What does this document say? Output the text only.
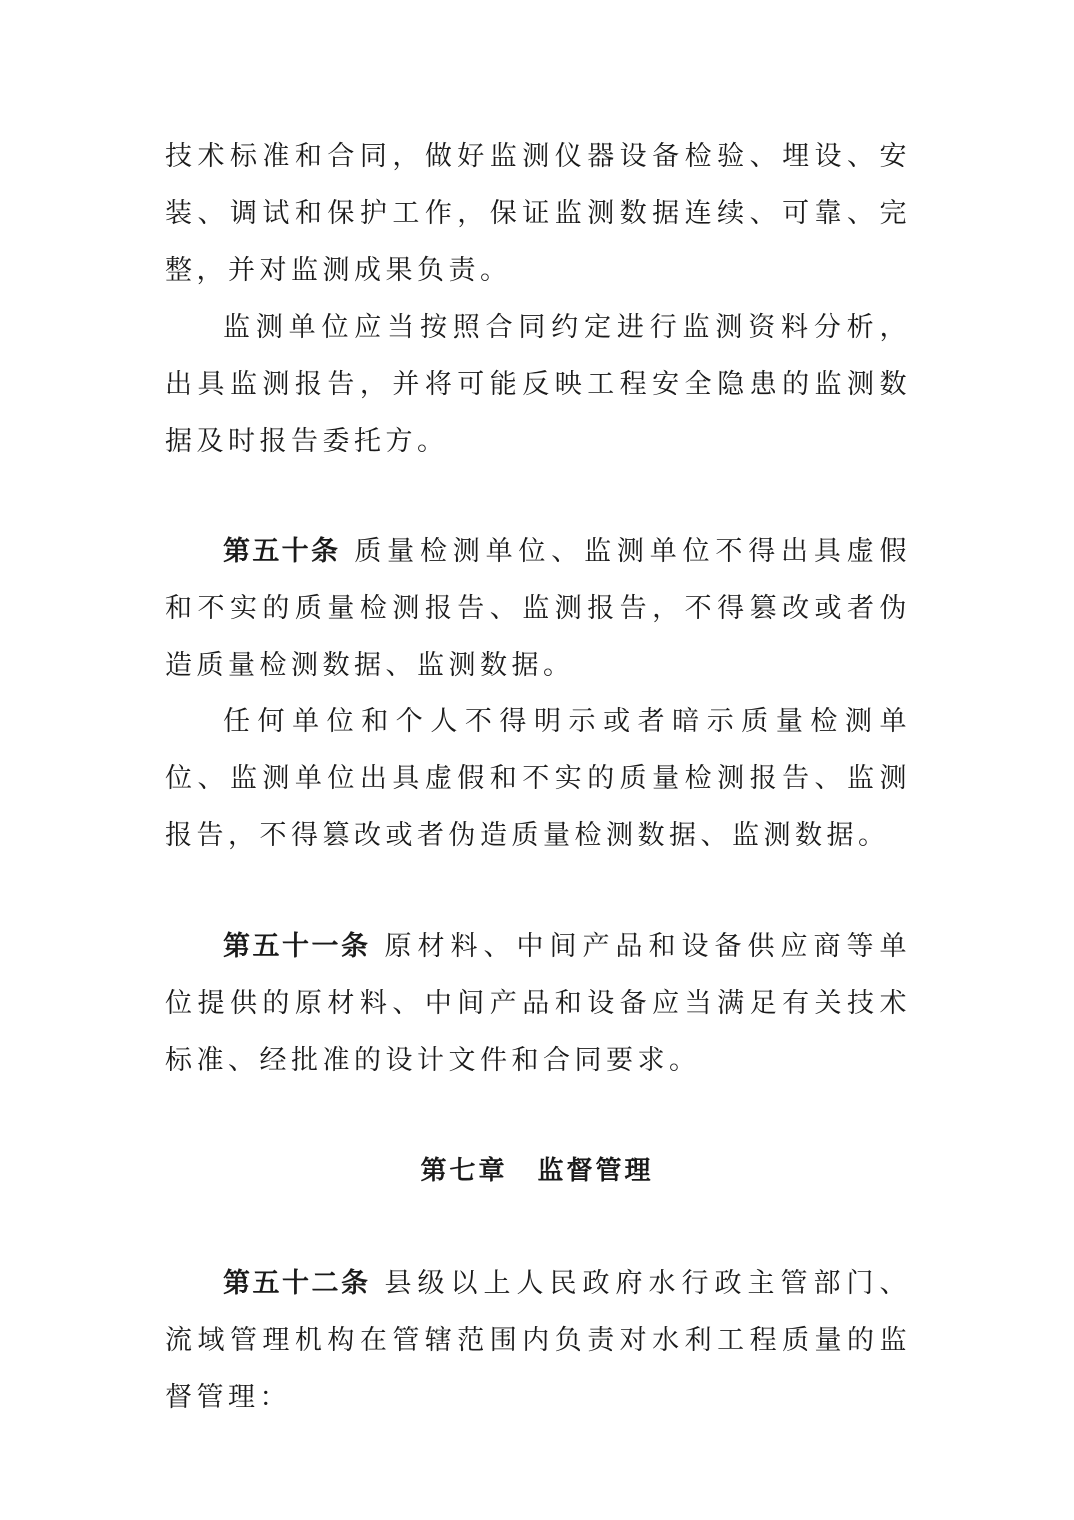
技术标准和合同，做好监测仪器设备检验、埋设、安装、调试和保护工作，保证监测数据连续、可靠、完整，并对监测成果负责。

监测单位应当按照合同约定进行监测资料分析，出具监测报告，并将可能反映工程安全隐患的监测数据及时报告委托方。

第五十条 质量检测单位、监测单位不得出具虚假和不实的质量检测报告、监测报告，不得篡改或者伪造质量检测数据、监测数据。

任何单位和个人不得明示或者暗示质量检测单位、监测单位出具虚假和不实的质量检测报告、监测报告，不得篡改或者伪造质量检测数据、监测数据。

第五十一条 原材料、中间产品和设备供应商等单位提供的原材料、中间产品和设备应当满足有关技术标准、经批准的设计文件和合同要求。

第七章 监督管理

第五十二条 县级以上人民政府水行政主管部门、流域管理机构在管辖范围内负责对水利工程质量的监督管理：
